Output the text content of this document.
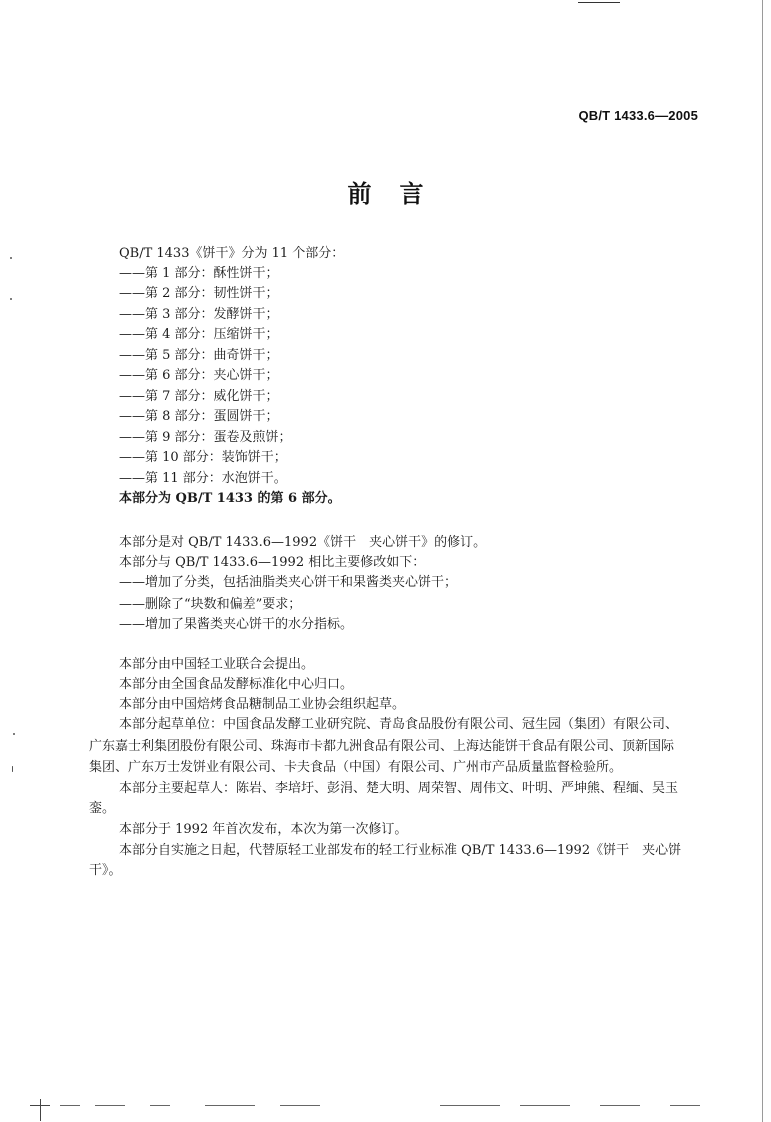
QB/T 1433.6—2005
前言
QB/T 1433《饼干》分为 11 个部分：
——第 1 部分：酥性饼干；
——第 2 部分：韧性饼干；
——第 3 部分：发酵饼干；
——第 4 部分：压缩饼干；
——第 5 部分：曲奇饼干；
——第 6 部分：夹心饼干；
——第 7 部分：威化饼干；
——第 8 部分：蛋圆饼干；
——第 9 部分：蛋卷及煎饼；
——第 10 部分：装饰饼干；
——第 11 部分：水泡饼干。
本部分为 QB/T 1433 的第 6 部分。
本部分是对 QB/T 1433.6—1992《饼干　夹心饼干》的修订。
本部分与 QB/T 1433.6—1992 相比主要修改如下：
——增加了分类，包括油脂类夹心饼干和果酱类夹心饼干；
——删除了“块数和偏差”要求；
——增加了果酱类夹心饼干的水分指标。
本部分由中国轻工业联合会提出。
本部分由全国食品发酵标准化中心归口。
本部分由中国焙烤食品糖制品工业协会组织起草。
本部分起草单位：中国食品发酵工业研究院、青岛食品股份有限公司、冠生园（集团）有限公司、
广东嘉士利集团股份有限公司、珠海市卡都九洲食品有限公司、上海达能饼干食品有限公司、顶新国际
集团、广东万士发饼业有限公司、卡夫食品（中国）有限公司、广州市产品质量监督检验所。
本部分主要起草人：陈岩、李培圩、彭涓、楚大明、周荣智、周伟文、叶明、严坤熊、程缅、吴玉
銮。
本部分于 1992 年首次发布，本次为第一次修订。
本部分自实施之日起，代替原轻工业部发布的轻工行业标准 QB/T 1433.6—1992《饼干　夹心饼
干》。
